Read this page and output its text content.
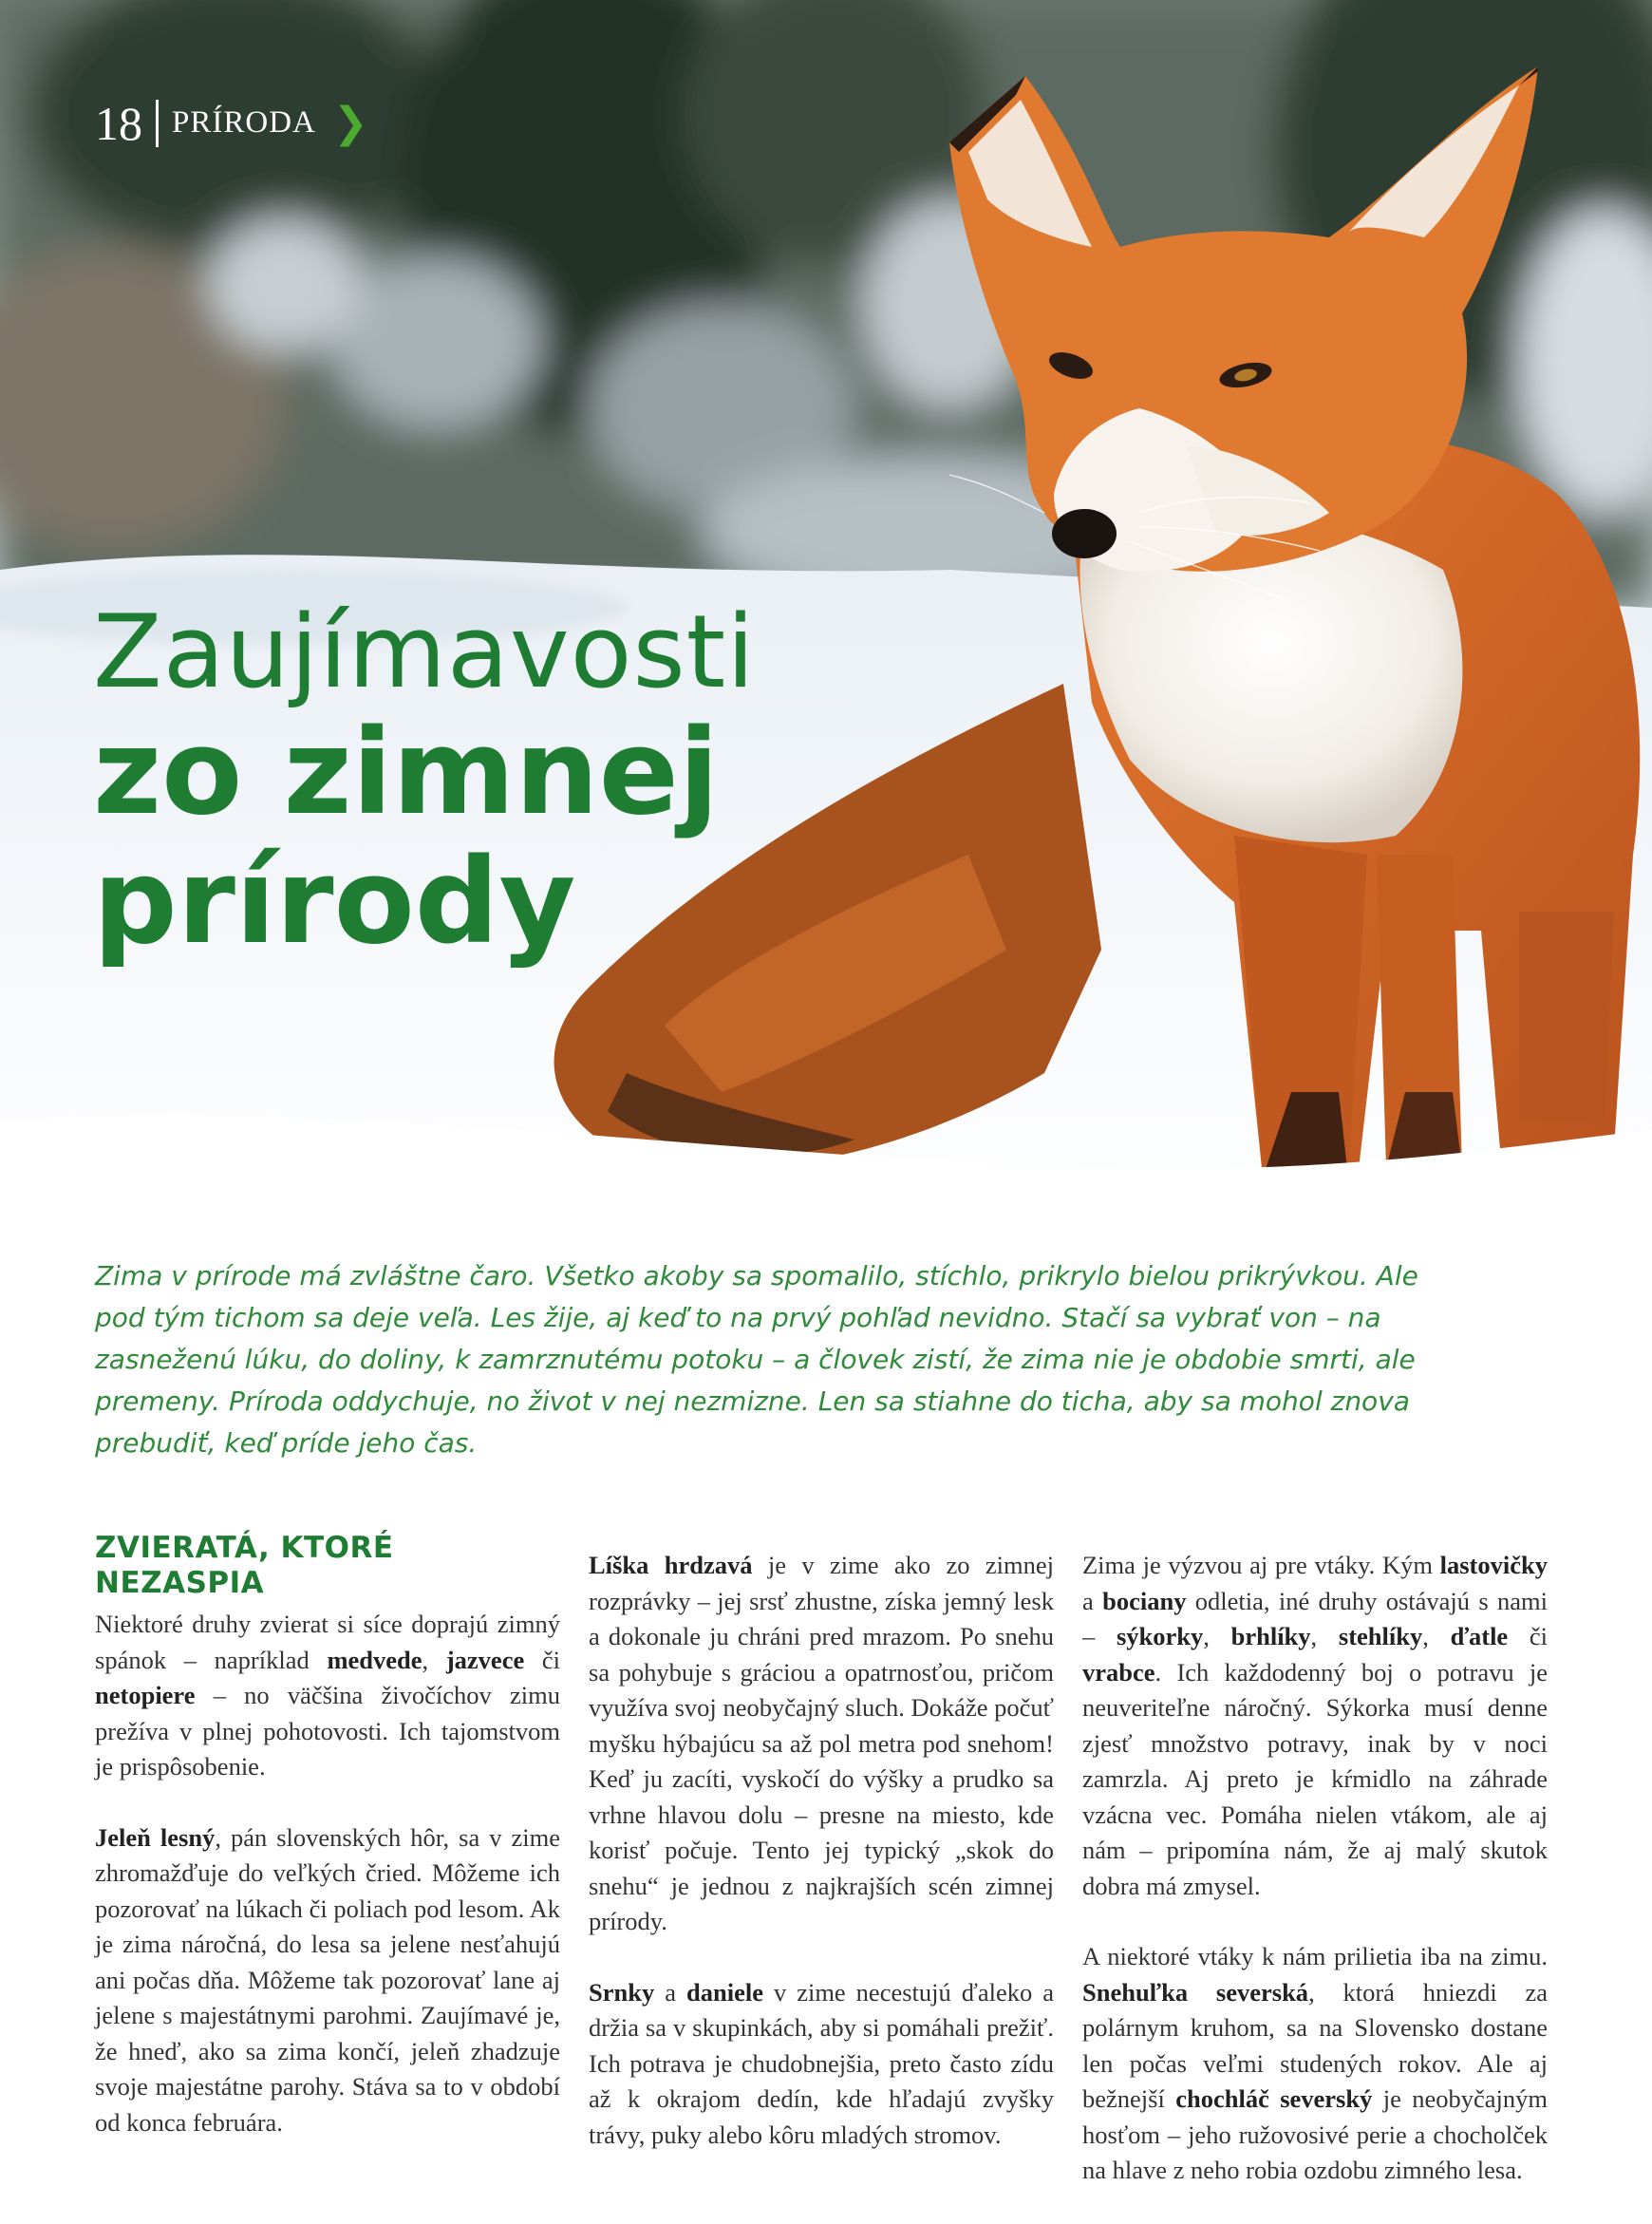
18 PRÍRODA ❯
Zaujímavosti
zo zimnej
prírody

Zima v prírode má zvláštne čaro. Všetko akoby sa spomalilo, stíchlo, prikrylo bielou prikrývkou. Ale pod tým tichom sa deje veľa. Les žije, aj keď to na prvý pohľad nevidno. Stačí sa vybrať von – na zasneženú lúku, do doliny, k zamrznutému potoku – a človek zistí, že zima nie je obdobie smrti, ale premeny. Príroda oddychuje, no život v nej nezmizne. Len sa stiahne do ticha, aby sa mohol znova prebudiť, keď príde jeho čas.

ZVIERATÁ, KTORÉ NEZASPIA

Niektoré druhy zvierat si síce doprajú zimný spánok – napríklad medvede, jazvece či netopiere – no väčšina živočíchov zimu prežíva v plnej pohotovosti. Ich tajomstvom je prispôsobenie.

Jeleň lesný, pán slovenských hôr, sa v zime zhromažďuje do veľkých čried. Môžeme ich pozorovať na lúkach či poliach pod lesom. Ak je zima náročná, do lesa sa jelene nesťahujú ani počas dňa. Môžeme tak pozorovať lane aj jelene s majestátnymi parohmi. Zaujímavé je, že hneď, ako sa zima končí, jeleň zhadzuje svoje majestátne parohy. Stáva sa to v období od konca februára.

Líška hrdzavá je v zime ako zo zimnej rozprávky – jej srsť zhustne, získa jemný lesk a dokonale ju chráni pred mrazom. Po snehu sa pohybuje s gráciou a opatrnosťou, pričom využíva svoj neobyčajný sluch. Dokáže počuť myšku hýbajúcu sa až pol metra pod snehom! Keď ju zacíti, vyskočí do výšky a prudko sa vrhne hlavou dolu – presne na miesto, kde korisť počuje. Tento jej typický „skok do snehu“ je jednou z najkrajších scén zimnej prírody.

Srnky a daniele v zime necestujú ďaleko a držia sa v skupinkách, aby si pomáhali prežiť. Ich potrava je chudobnejšia, preto často zídu až k okrajom dedín, kde hľadajú zvyšky trávy, puky alebo kôru mladých stromov.

Zima je výzvou aj pre vtáky. Kým lastovičky a bociany odletia, iné druhy ostávajú s nami – sýkorky, brhlíky, stehlíky, ďatle či vrabce. Ich každodenný boj o potravu je neuveriteľne náročný. Sýkorka musí denne zjesť množstvo potravy, inak by v noci zamrzla. Aj preto je kŕmidlo na záhrade vzácna vec. Pomáha nielen vtákom, ale aj nám – pripomína nám, že aj malý skutok dobra má zmysel.

A niektoré vtáky k nám prilietia iba na zimu. Snehuľka severská, ktorá hniezdi za polárnym kruhom, sa na Slovensko dostane len počas veľmi studených rokov. Ale aj bežnejší chochláč severský je neobyčajným hosťom – jeho ružovosivé perie a chocholček na hlave z neho robia ozdobu zimného lesa.
